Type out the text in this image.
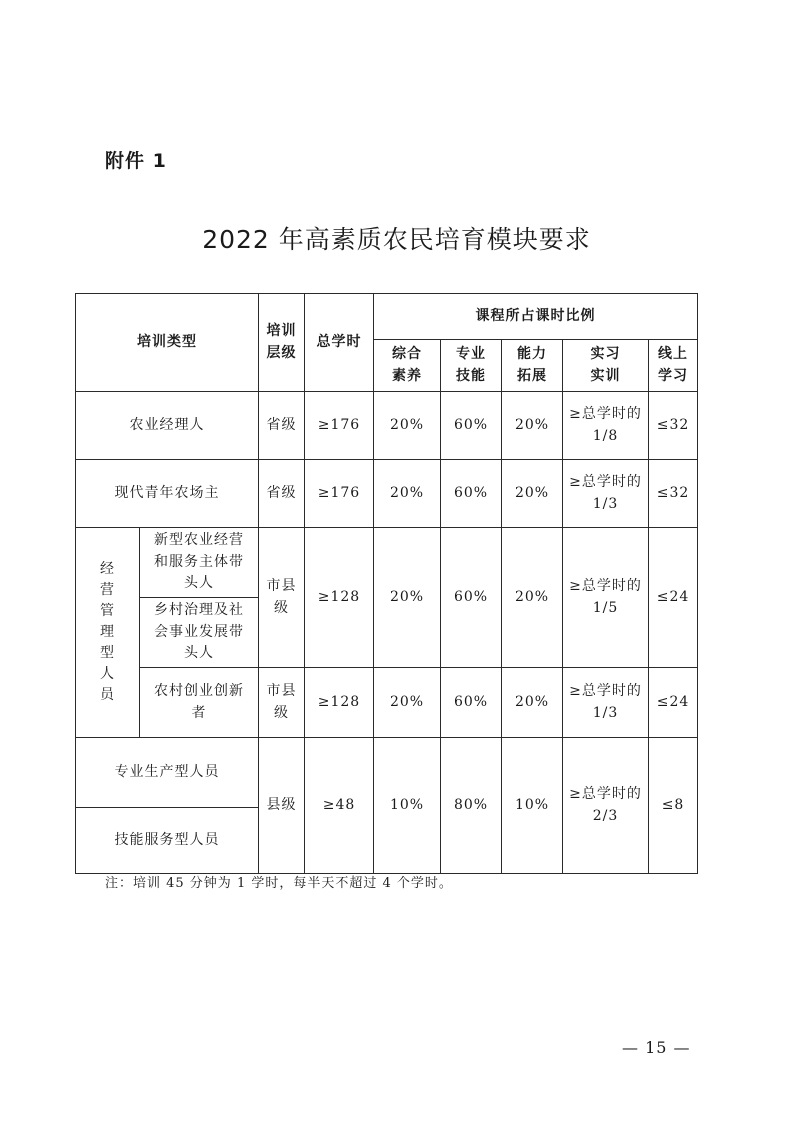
附件 1
2022 年高素质农民培育模块要求
培训类型		培训层级	总学时	课程所占课时比例				
				综合素养	专业技能	能力拓展	实习实训	线上学习
农业经理人		省级	≥176	20%	60%	20%	≥总学时的 1/8	≤32
现代青年农场主		省级	≥176	20%	60%	20%	≥总学时的 1/3	≤32
经营管理型人员	新型农业经营和服务主体带头人	市县级	≥128	20%	60%	20%	≥总学时的 1/5	≤24
	乡村治理及社会事业发展带头人							
	农村创业创新者	市县级	≥128	20%	60%	20%	≥总学时的 1/3	≤24
专业生产型人员		县级	≥48	10%	80%	10%	≥总学时的 2/3	≤8
技能服务型人员								
注：培训 45 分钟为 1 学时，每半天不超过 4 个学时。
— 15 —
